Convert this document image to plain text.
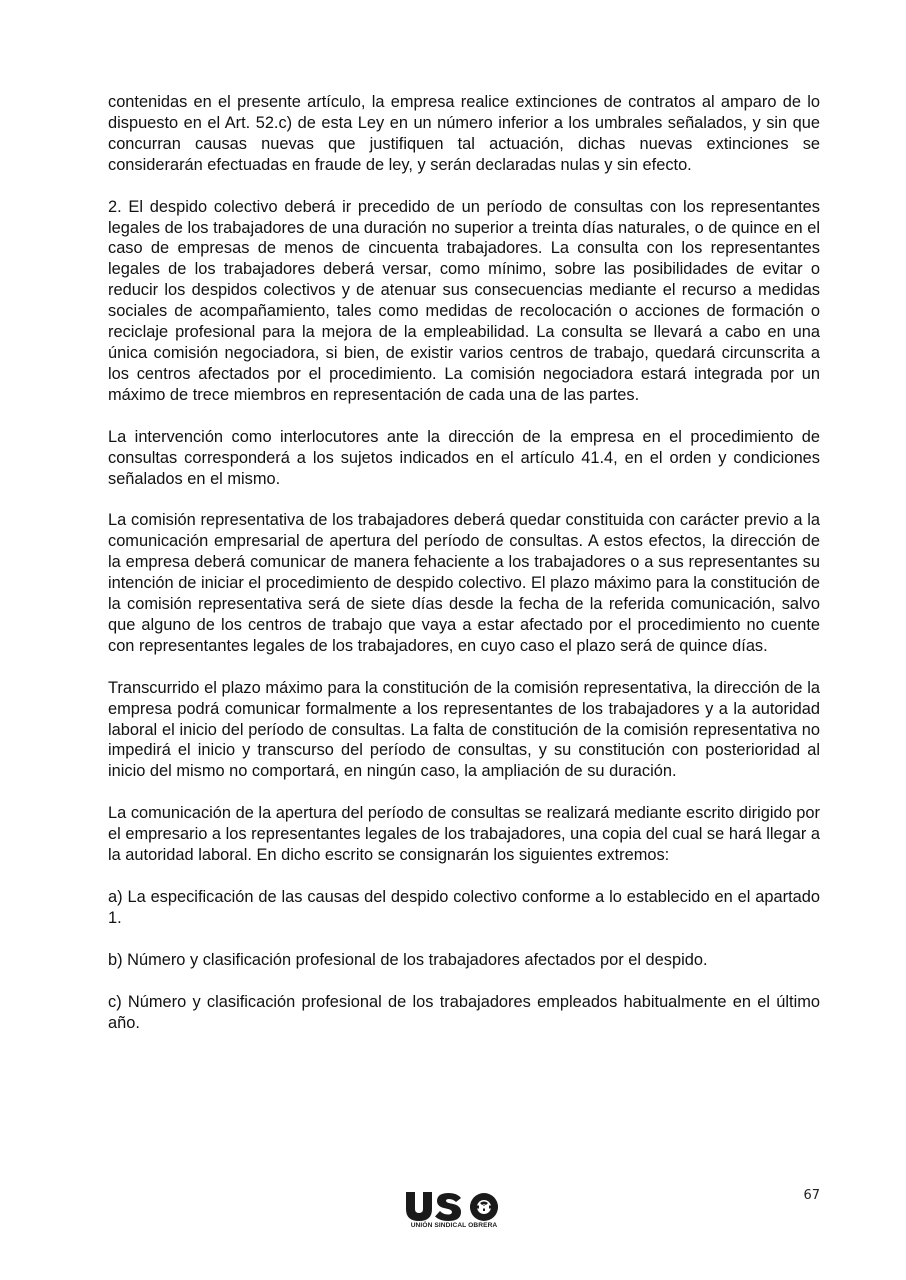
contenidas en el presente artículo, la empresa realice extinciones de contratos al amparo de lo dispuesto en el Art. 52.c) de esta Ley en un número inferior a los umbrales señalados, y sin que concurran causas nuevas que justifiquen tal actuación, dichas nuevas extinciones se considerarán efectuadas en fraude de ley, y serán declaradas nulas y sin efecto.

2. El despido colectivo deberá ir precedido de un período de consultas con los representantes legales de los trabajadores de una duración no superior a treinta días naturales, o de quince en el caso de empresas de menos de cincuenta trabajadores. La consulta con los representantes legales de los trabajadores deberá versar, como mínimo, sobre las posibilidades de evitar o reducir los despidos colectivos y de atenuar sus consecuencias mediante el recurso a medidas sociales de acompañamiento, tales como medidas de recolocación o acciones de formación o reciclaje profesional para la mejora de la empleabilidad. La consulta se llevará a cabo en una única comisión negociadora, si bien, de existir varios centros de trabajo, quedará circunscrita a los centros afectados por el procedimiento. La comisión negociadora estará integrada por un máximo de trece miembros en representación de cada una de las partes.

La intervención como interlocutores ante la dirección de la empresa en el procedimiento de consultas corresponderá a los sujetos indicados en el artículo 41.4, en el orden y condiciones señalados en el mismo.

La comisión representativa de los trabajadores deberá quedar constituida con carácter previo a la comunicación empresarial de apertura del período de consultas. A estos efectos, la dirección de la empresa deberá comunicar de manera fehaciente a los trabajadores o a sus representantes su intención de iniciar el procedimiento de despido colectivo. El plazo máximo para la constitución de la comisión representativa será de siete días desde la fecha de la referida comunicación, salvo que alguno de los centros de trabajo que vaya a estar afectado por el procedimiento no cuente con representantes legales de los trabajadores, en cuyo caso el plazo será de quince días.

Transcurrido el plazo máximo para la constitución de la comisión representativa, la dirección de la empresa podrá comunicar formalmente a los representantes de los trabajadores y a la autoridad laboral el inicio del período de consultas. La falta de constitución de la comisión representativa no impedirá el inicio y transcurso del período de consultas, y su constitución con posterioridad al inicio del mismo no comportará, en ningún caso, la ampliación de su duración.

La comunicación de la apertura del período de consultas se realizará mediante escrito dirigido por el empresario a los representantes legales de los trabajadores, una copia del cual se hará llegar a la autoridad laboral. En dicho escrito se consignarán los siguientes extremos:

a) La especificación de las causas del despido colectivo conforme a lo establecido en el apartado 1.

b) Número y clasificación profesional de los trabajadores afectados por el despido.

c) Número y clasificación profesional de los trabajadores empleados habitualmente en el último año.

67
UNIÓN SINDICAL OBRERA
